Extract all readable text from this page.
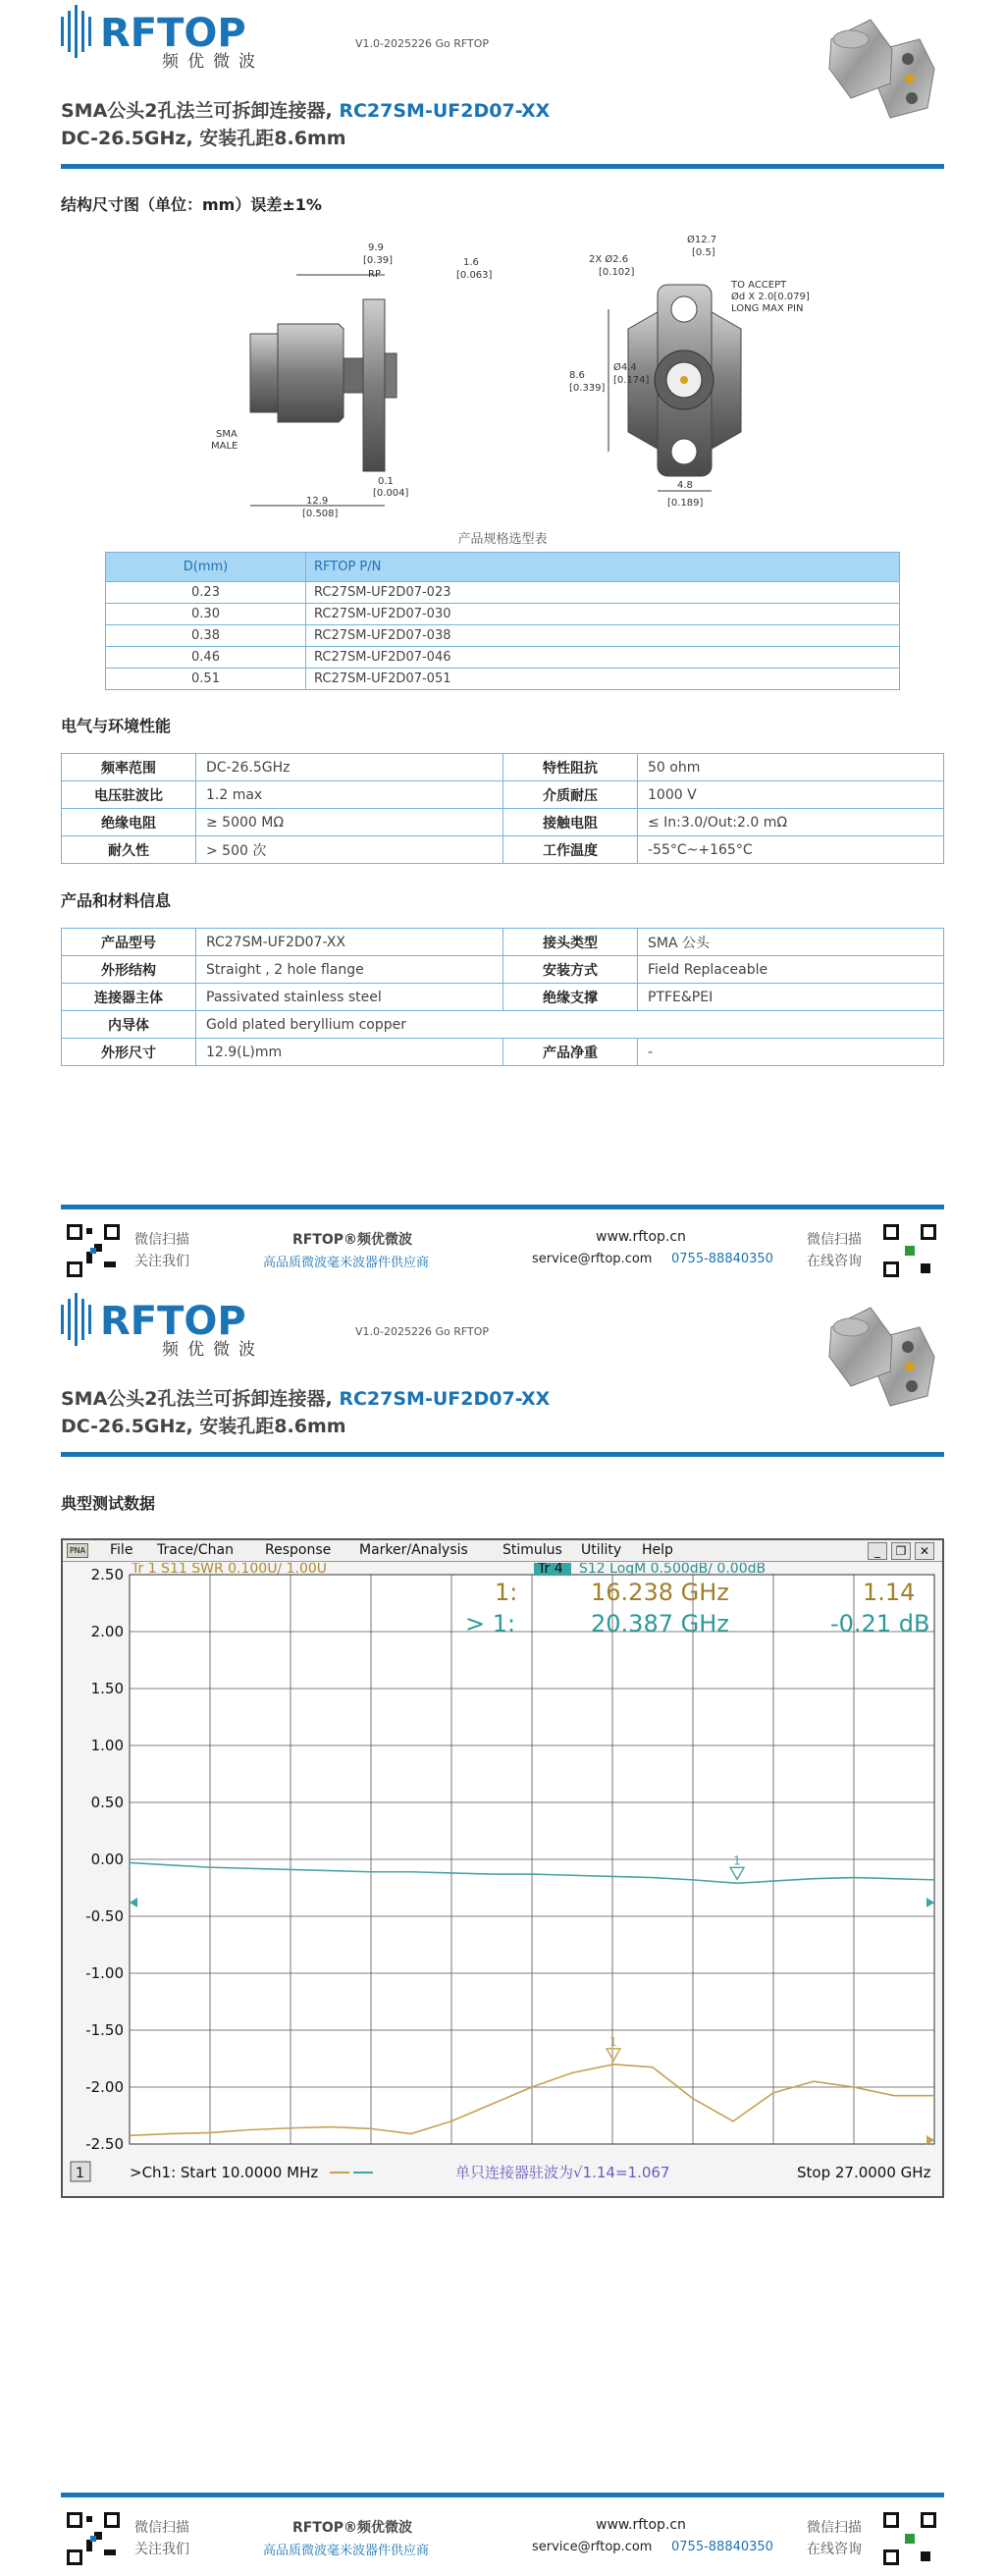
RFTOP
频优微波
V1.0-2025226 Go RFTOP
SMA公头2孔法兰可拆卸连接器, RC27SM-UF2D07-XX
DC-26.5GHz, 安装孔距8.6mm
结构尺寸图（单位：mm）误差±1%
9.9
[0.39]
RP
1.6
[0.063]
SMA
MALE
0.1
[0.004]
12.9
[0.508]
2X Ø2.6
[0.102]
Ø12.7
[0.5]
TO ACCEPT
Ød X 2.0[0.079]
LONG MAX PIN
8.6
[0.339]
Ø4.4
[0.174]
4.8
[0.189]
产品规格选型表
D(mm)	RFTOP P/N
0.23	RC27SM-UF2D07-023
0.30	RC27SM-UF2D07-030
0.38	RC27SM-UF2D07-038
0.46	RC27SM-UF2D07-046
0.51	RC27SM-UF2D07-051
电气与环境性能
频率范围	DC-26.5GHz	特性阻抗	50 ohm
电压驻波比	1.2 max	介质耐压	1000 V
绝缘电阻	≥ 5000 MΩ	接触电阻	≤ In:3.0/Out:2.0 mΩ
耐久性	> 500 次	工作温度	-55°C~+165°C
产品和材料信息
产品型号	RC27SM-UF2D07-XX	接头类型	SMA 公头
外形结构	Straight , 2 hole flange	安装方式	Field Replaceable
连接器主体	Passivated stainless steel	绝缘支撑	PTFE&PEI
内导体	Gold plated beryllium copper		
外形尺寸	12.9(L)mm	产品净重	-
微信扫描
关注我们
RFTOP®频优微波
高品质微波毫米波器件供应商
www.rftop.cn
service@rftop.com 0755-88840350
微信扫描
在线咨询
RFTOP
频优微波
V1.0-2025226 Go RFTOP
SMA公头2孔法兰可拆卸连接器, RC27SM-UF2D07-XX
DC-26.5GHz, 安装孔距8.6mm
典型测试数据
微信扫描
关注我们
RFTOP®频优微波
高品质微波毫米波器件供应商
www.rftop.cn
service@rftop.com 0755-88840350
微信扫描
在线咨询
PNA File Trace/Chan Response Marker/Analysis	Stimulus Utility Help	_	❐	✕
2.50
2.00
1.50
1.00
0.50
0.00
-0.50
-1.00
-1.50
-2.00
-2.50
1
1
Tr 1 S11 SWR 0.100U/ 1.00U	Tr 4 S12 LogM 0.500dB/ 0.00dB
1:	16.238 GHz	1.14
> 1:	20.387 GHz	-0.21 dB
1	>Ch1: Start 10.0000 MHz	单只连接器驻波为√1.14=1.067	Stop 27.0000 GHz
